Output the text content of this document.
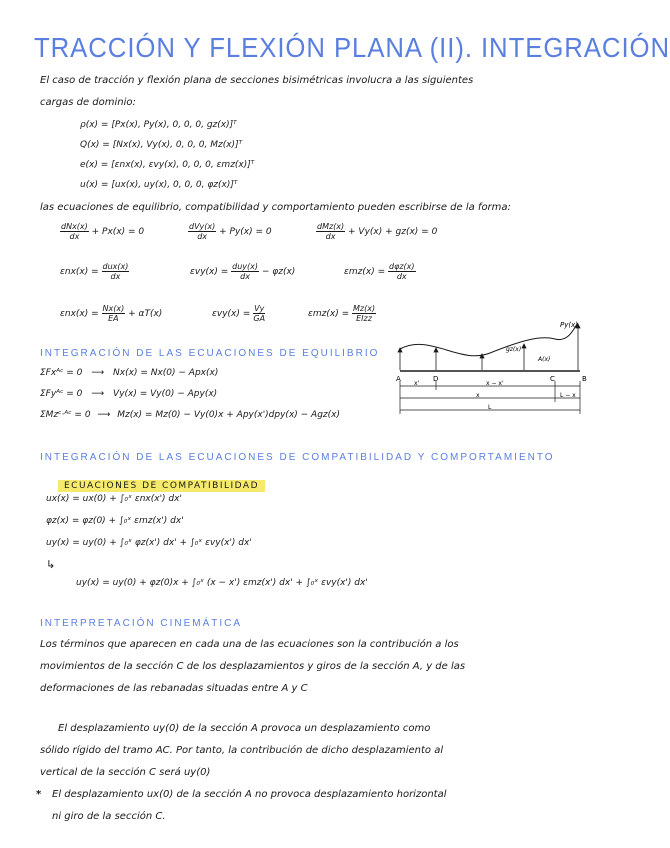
TRACCIÓN Y FLEXIÓN PLANA (II). INTEGRACIÓN
El caso de tracción y flexión plana de secciones bisimétricas involucra a las siguientes
cargas de dominio:
ρ(x) = [Px(x), Py(x), 0, 0, 0, gz(x)]ᵀ
Q(x) = [Nx(x), Vy(x), 0, 0, 0, Mz(x)]ᵀ
e(x) = [εnx(x), εvy(x), 0, 0, 0, εmz(x)]ᵀ
u(x) = [ux(x), uy(x), 0, 0, 0, φz(x)]ᵀ
las ecuaciones de equilibrio, compatibilidad y comportamiento pueden escribirse de la forma:
$\frac{\text{dNx(x)}}{dx} + Px(x) = 0$	$\frac{\text{dVy(x)}}{dx} + Py(x) = 0$	$\frac{\text{dMz(x)}}{dx} + Vy(x) + gz(x) = 0$
$\varepsilon nx(x) = \frac{\text{dux(x)}}{dx}$	$\varepsilon vy(x) = \frac{\text{duy(x)}}{dx} - \varphi z(x)$	$\varepsilon mz(x) = \frac{\text{dφz(x)}}{dx}$
$\varepsilon nx(x) = \frac{Nx(x)}{EA} + \alpha T(x)$	$\varepsilon vy(x) = \frac{Vy}{GA}$	$\varepsilon mz(x) = \frac{Mz(x)}{\text{EIzz}}$
INTEGRACIÓN DE LAS ECUACIONES DE EQUILIBRIO
ΣFxᴬᶜ = 0 ⟶ Nx(x) = Nx(0) − Apx(x)
ΣFyᴬᶜ = 0 ⟶ Vy(x) = Vy(0) − Apy(x)
ΣMzᶜ·ᴬᶜ = 0 ⟶ Mz(x) = Mz(0) − Vy(0)x + Apy(x')dpy(x) − Agz(x)
A	D	C	B
Py(x)
gz(x)
A(x)
x'	x − x'
L − x
x
L
INTEGRACIÓN DE LAS ECUACIONES DE COMPATIBILIDAD Y COMPORTAMIENTO
ECUACIONES DE COMPATIBILIDAD
ux(x) = ux(0) + ∫₀ˣ εnx(x') dx'
φz(x) = φz(0) + ∫₀ˣ εmz(x') dx'
uy(x) = uy(0) + ∫₀ˣ φz(x') dx' + ∫₀ˣ εvy(x') dx'
↳
uy(x) = uy(0) + φz(0)x + ∫₀ˣ (x − x') εmz(x') dx' + ∫₀ˣ εvy(x') dx'
INTERPRETACIÓN CINEMÁTICA
Los términos que aparecen en cada una de las ecuaciones son la contribución a los
movimientos de la sección C de los desplazamientos y giros de la sección A, y de las
deformaciones de las rebanadas situadas entre A y C
El desplazamiento uy(0) de la sección A provoca un desplazamiento como
sólido rígido del tramo AC. Por tanto, la contribución de dicho desplazamiento al
vertical de la sección C será uy(0)
* El desplazamiento ux(0) de la sección A no provoca desplazamiento horizontal
ni giro de la sección C.
